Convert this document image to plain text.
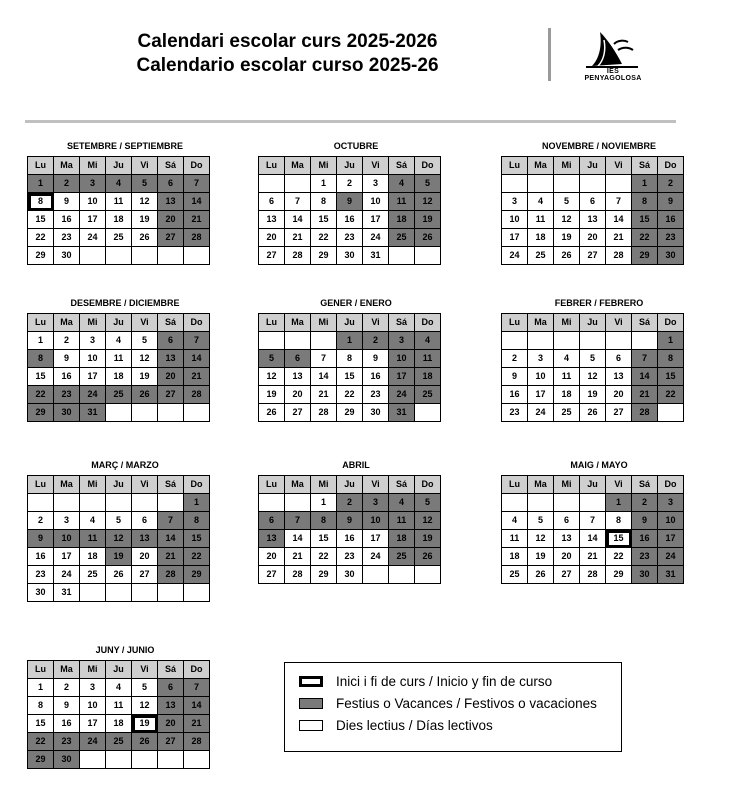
Calendari escolar curs 2025-2026
Calendario escolar curso 2025-26	IES PENYAGOLOSA
SETEMBRE / SEPTIEMBRE
Lu	Ma	Mi	Ju	Vi	Sá	Do
1	2	3	4	5	6	7
8	9	10	11	12	13	14
15	16	17	18	19	20	21
22	23	24	25	26	27	28
29	30					
OCTUBRE
Lu	Ma	Mi	Ju	Vi	Sá	Do
		1	2	3	4	5
6	7	8	9	10	11	12
13	14	15	16	17	18	19
20	21	22	23	24	25	26
27	28	29	30	31		
NOVEMBRE / NOVIEMBRE
Lu	Ma	Mi	Ju	Vi	Sá	Do
					1	2
3	4	5	6	7	8	9
10	11	12	13	14	15	16
17	18	19	20	21	22	23
24	25	26	27	28	29	30
DESEMBRE / DICIEMBRE
Lu	Ma	Mi	Ju	Vi	Sá	Do
1	2	3	4	5	6	7
8	9	10	11	12	13	14
15	16	17	18	19	20	21
22	23	24	25	26	27	28
29	30	31				
GENER / ENERO
Lu	Ma	Mi	Ju	Vi	Sá	Do
			1	2	3	4
5	6	7	8	9	10	11
12	13	14	15	16	17	18
19	20	21	22	23	24	25
26	27	28	29	30	31	
FEBRER / FEBRERO
Lu	Ma	Mi	Ju	Vi	Sá	Do
						1
2	3	4	5	6	7	8
9	10	11	12	13	14	15
16	17	18	19	20	21	22
23	24	25	26	27	28	
MARÇ / MARZO
Lu	Ma	Mi	Ju	Vi	Sá	Do
						1
2	3	4	5	6	7	8
9	10	11	12	13	14	15
16	17	18	19	20	21	22
23	24	25	26	27	28	29
30	31					
ABRIL
Lu	Ma	Mi	Ju	Vi	Sá	Do
		1	2	3	4	5
6	7	8	9	10	11	12
13	14	15	16	17	18	19
20	21	22	23	24	25	26
27	28	29	30			
MAIG / MAYO
Lu	Ma	Mi	Ju	Vi	Sá	Do
				1	2	3
4	5	6	7	8	9	10
11	12	13	14	15	16	17
18	19	20	21	22	23	24
25	26	27	28	29	30	31
JUNY / JUNIO
Lu	Ma	Mi	Ju	Vi	Sá	Do
1	2	3	4	5	6	7
8	9	10	11	12	13	14
15	16	17	18	19	20	21
22	23	24	25	26	27	28
29	30					
Inici i fi de curs / Inicio y fin de curso
Festius o Vacances / Festivos o vacaciones
Dies lectius / Días lectivos
